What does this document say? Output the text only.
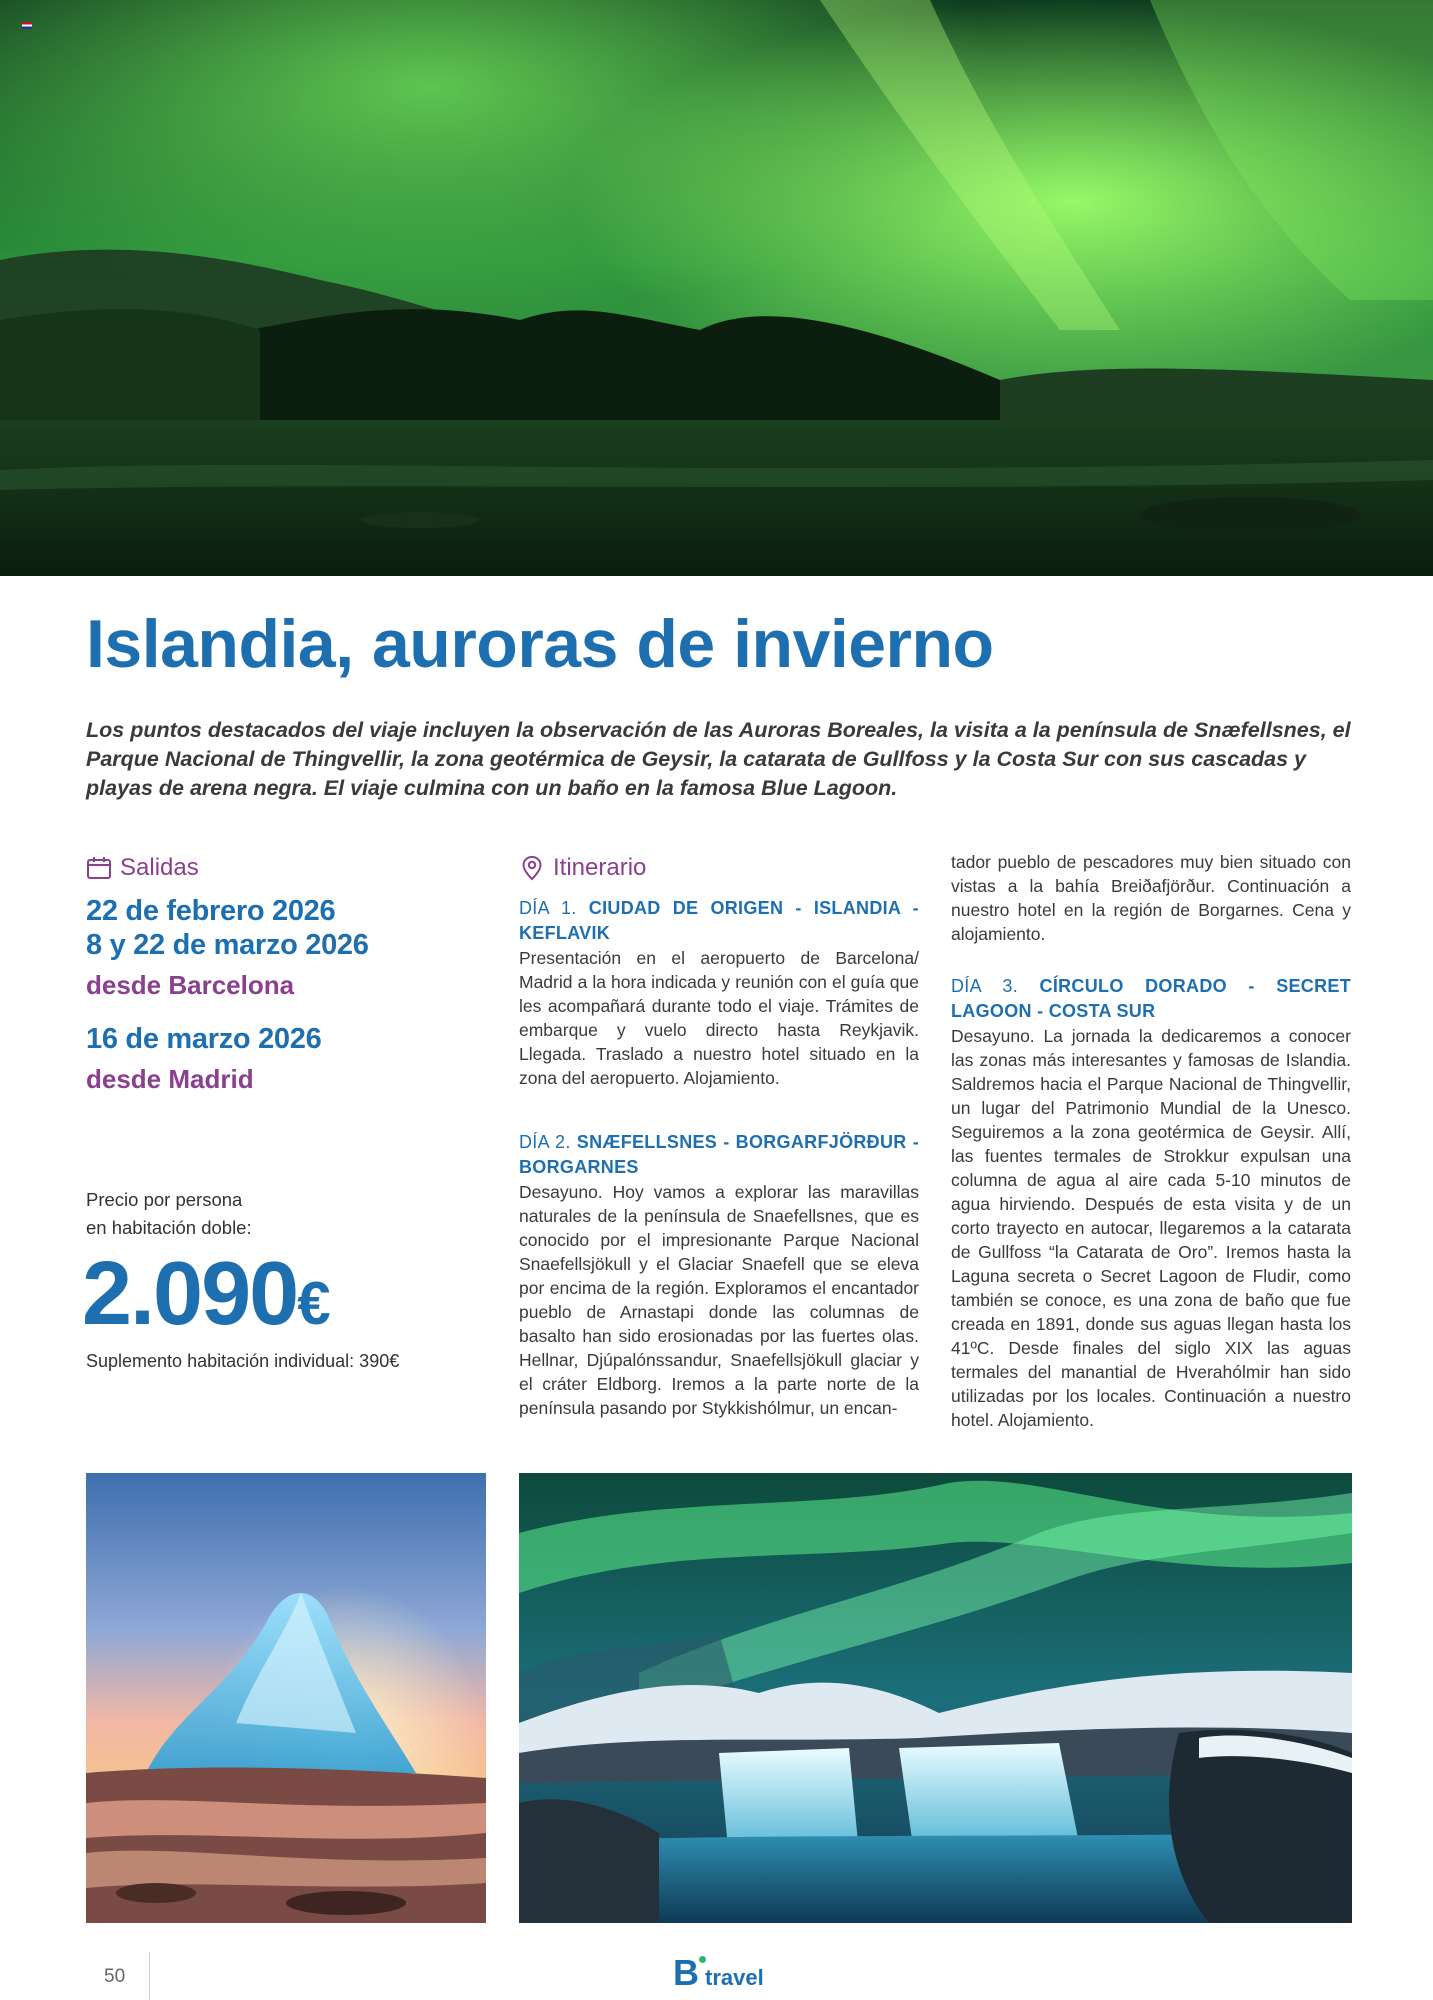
Islandia, auroras de invierno

Los puntos destacados del viaje incluyen la observación de las Auroras Boreales, la visita a la península de Snæfellsnes, el Parque Nacional de Thingvellir, la zona geotérmica de Geysir, la catarata de Gullfoss y la Costa Sur con sus cascadas y playas de arena negra. El viaje culmina con un baño en la famosa Blue Lagoon.

Salidas
22 de febrero 2026
8 y 22 de marzo 2026
desde Barcelona
16 de marzo 2026
desde Madrid
Precio por persona
en habitación doble:
2.090€
Suplemento habitación individual: 390€
Itinerario
DÍA 1. CIUDAD DE ORIGEN - ISLANDIA - KEFLAVIK

Presentación en el aeropuerto de Barcelona/ Madrid a la hora indicada y reunión con el guía que les acompañará durante todo el viaje. Trámites de embarque y vuelo directo hasta Reykjavik. Llegada. Traslado a nuestro hotel situado en la zona del aeropuerto. Alojamiento.

DÍA 2. SNÆFELLSNES - BORGARFJÖRÐUR - BORGARNES

Desayuno. Hoy vamos a explorar las maravillas naturales de la península de Snaefellsnes, que es conocido por el impresionante Parque Nacional Snaefellsjökull y el Glaciar Snaefell que se eleva por encima de la región. Exploramos el encantador pueblo de Arnastapi donde las columnas de basalto han sido erosionadas por las fuertes olas. Hellnar, Djúpalónssandur, Snaefellsjökull glaciar y el cráter Eldborg. Iremos a la parte norte de la península pasando por Stykkishólmur, un encan-

tador pueblo de pescadores muy bien situado con vistas a la bahía Breiðafjörður. Continuación a nuestro hotel en la región de Borgarnes. Cena y alojamiento.

DÍA 3. CÍRCULO DORADO - SECRET LAGOON - COSTA SUR

Desayuno. La jornada la dedicaremos a conocer las zonas más interesantes y famosas de Islandia. Saldremos hacia el Parque Nacional de Thingvellir, un lugar del Patrimonio Mundial de la Unesco. Seguiremos a la zona geotérmica de Geysir. Allí, las fuentes termales de Strokkur expulsan una columna de agua al aire cada 5-10 minutos de agua hirviendo. Después de esta visita y de un corto trayecto en autocar, llegaremos a la catarata de Gullfoss “la Catarata de Oro”. Iremos hasta la Laguna secreta o Secret Lagoon de Fludir, como también se conoce, es una zona de baño que fue creada en 1891, donde sus aguas llegan hasta los 41ºC. Desde finales del siglo XIX las aguas termales del manantial de Hverahólmir han sido utilizadas por los locales. Continuación a nuestro hotel. Alojamiento.

50	B travel
